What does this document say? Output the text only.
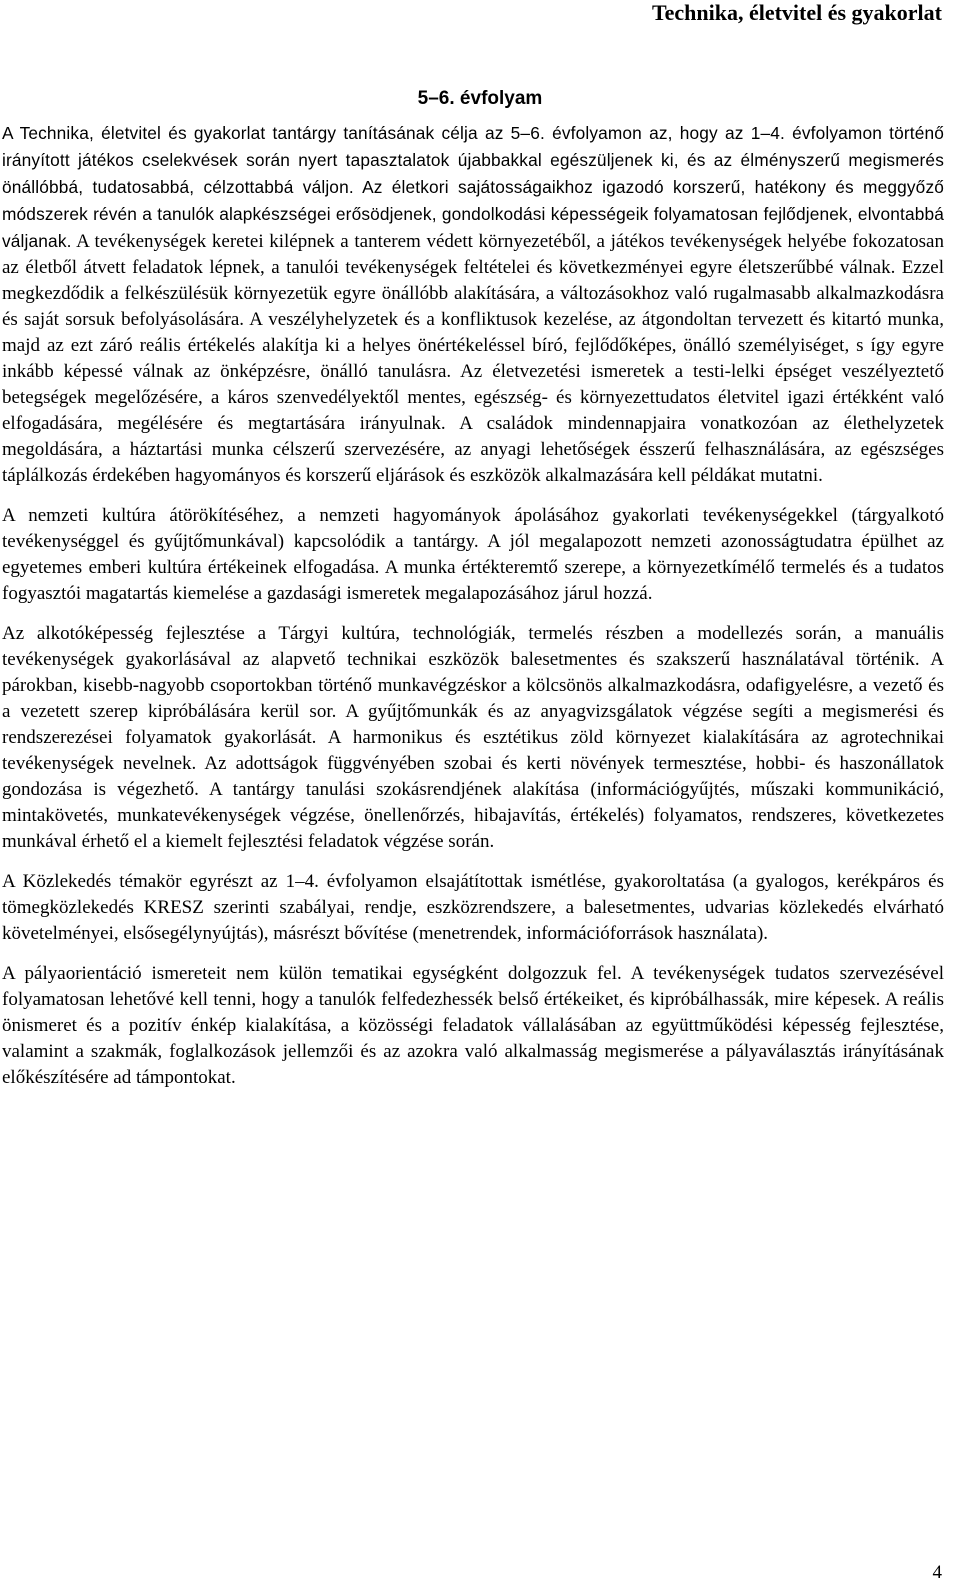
Technika, életvitel és gyakorlat
5–6. évfolyam

A Technika, életvitel és gyakorlat tantárgy tanításának célja az 5–6. évfolyamon az, hogy az 1–4. évfolyamon történő irányított játékos cselekvések során nyert tapasztalatok újabbakkal egészüljenek ki, és az élményszerű megismerés önállóbbá, tudatosabbá, célzottabbá váljon. Az életkori sajátosságaikhoz igazodó korszerű, hatékony és meggyőző módszerek révén a tanulók alapkészségei erősödjenek, gondolkodási képességeik folyamatosan fejlődjenek, elvontabbá váljanak. A tevékenységek keretei kilépnek a tanterem védett környezetéből, a játékos tevékenységek helyébe fokozatosan az életből átvett feladatok lépnek, a tanulói tevékenységek feltételei és következményei egyre életszerűbbé válnak. Ezzel megkezdődik a felkészülésük környezetük egyre önállóbb alakítására, a változásokhoz való rugalmasabb alkalmazkodásra és saját sorsuk befolyásolására. A veszélyhelyzetek és a konfliktusok kezelése, az átgondoltan tervezett és kitartó munka, majd az ezt záró reális értékelés alakítja ki a helyes önértékeléssel bíró, fejlődőképes, önálló személyiséget, s így egyre inkább képessé válnak az önképzésre, önálló tanulásra. Az életvezetési ismeretek a testi-lelki épséget veszélyeztető betegségek megelőzésére, a káros szenvedélyektől mentes, egészség- és környezettudatos életvitel igazi értékként való elfogadására, megélésére és megtartására irányulnak. A családok mindennapjaira vonatkozóan az élethelyzetek megoldására, a háztartási munka célszerű szervezésére, az anyagi lehetőségek ésszerű felhasználására, az egészséges táplálkozás érdekében hagyományos és korszerű eljárások és eszközök alkalmazására kell példákat mutatni.

A nemzeti kultúra átörökítéséhez, a nemzeti hagyományok ápolásához gyakorlati tevékenységekkel (tárgyalkotó tevékenységgel és gyűjtőmunkával) kapcsolódik a tantárgy. A jól megalapozott nemzeti azonosságtudatra épülhet az egyetemes emberi kultúra értékeinek elfogadása. A munka értékteremtő szerepe, a környezetkímélő termelés és a tudatos fogyasztói magatartás kiemelése a gazdasági ismeretek megalapozásához járul hozzá.

Az alkotóképesség fejlesztése a Tárgyi kultúra, technológiák, termelés részben a modellezés során, a manuális tevékenységek gyakorlásával az alapvető technikai eszközök balesetmentes és szakszerű használatával történik. A párokban, kisebb-nagyobb csoportokban történő munkavégzéskor a kölcsönös alkalmazkodásra, odafigyelésre, a vezető és a vezetett szerep kipróbálására kerül sor. A gyűjtőmunkák és az anyagvizsgálatok végzése segíti a megismerési és rendszerezései folyamatok gyakorlását. A harmonikus és esztétikus zöld környezet kialakítására az agrotechnikai tevékenységek nevelnek. Az adottságok függvényében szobai és kerti növények termesztése, hobbi- és haszonállatok gondozása is végezhető. A tantárgy tanulási szokásrendjének alakítása (információgyűjtés, műszaki kommunikáció, mintakövetés, munkatevékenységek végzése, önellenőrzés, hibajavítás, értékelés) folyamatos, rendszeres, következetes munkával érhető el a kiemelt fejlesztési feladatok végzése során.

A Közlekedés témakör egyrészt az 1–4. évfolyamon elsajátítottak ismétlése, gyakoroltatása (a gyalogos, kerékpáros és tömegközlekedés KRESZ szerinti szabályai, rendje, eszközrendszere, a balesetmentes, udvarias közlekedés elvárható követelményei, elsősegélynyújtás), másrészt bővítése (menetrendek, információforrások használata).

A pályaorientáció ismereteit nem külön tematikai egységként dolgozzuk fel. A tevékenységek tudatos szervezésével folyamatosan lehetővé kell tenni, hogy a tanulók felfedezhessék belső értékeiket, és kipróbálhassák, mire képesek. A reális önismeret és a pozitív énkép kialakítása, a közösségi feladatok vállalásában az együttműködési képesség fejlesztése, valamint a szakmák, foglalkozások jellemzői és az azokra való alkalmasság megismerése a pályaválasztás irányításának előkészítésére ad támpontokat.

4
